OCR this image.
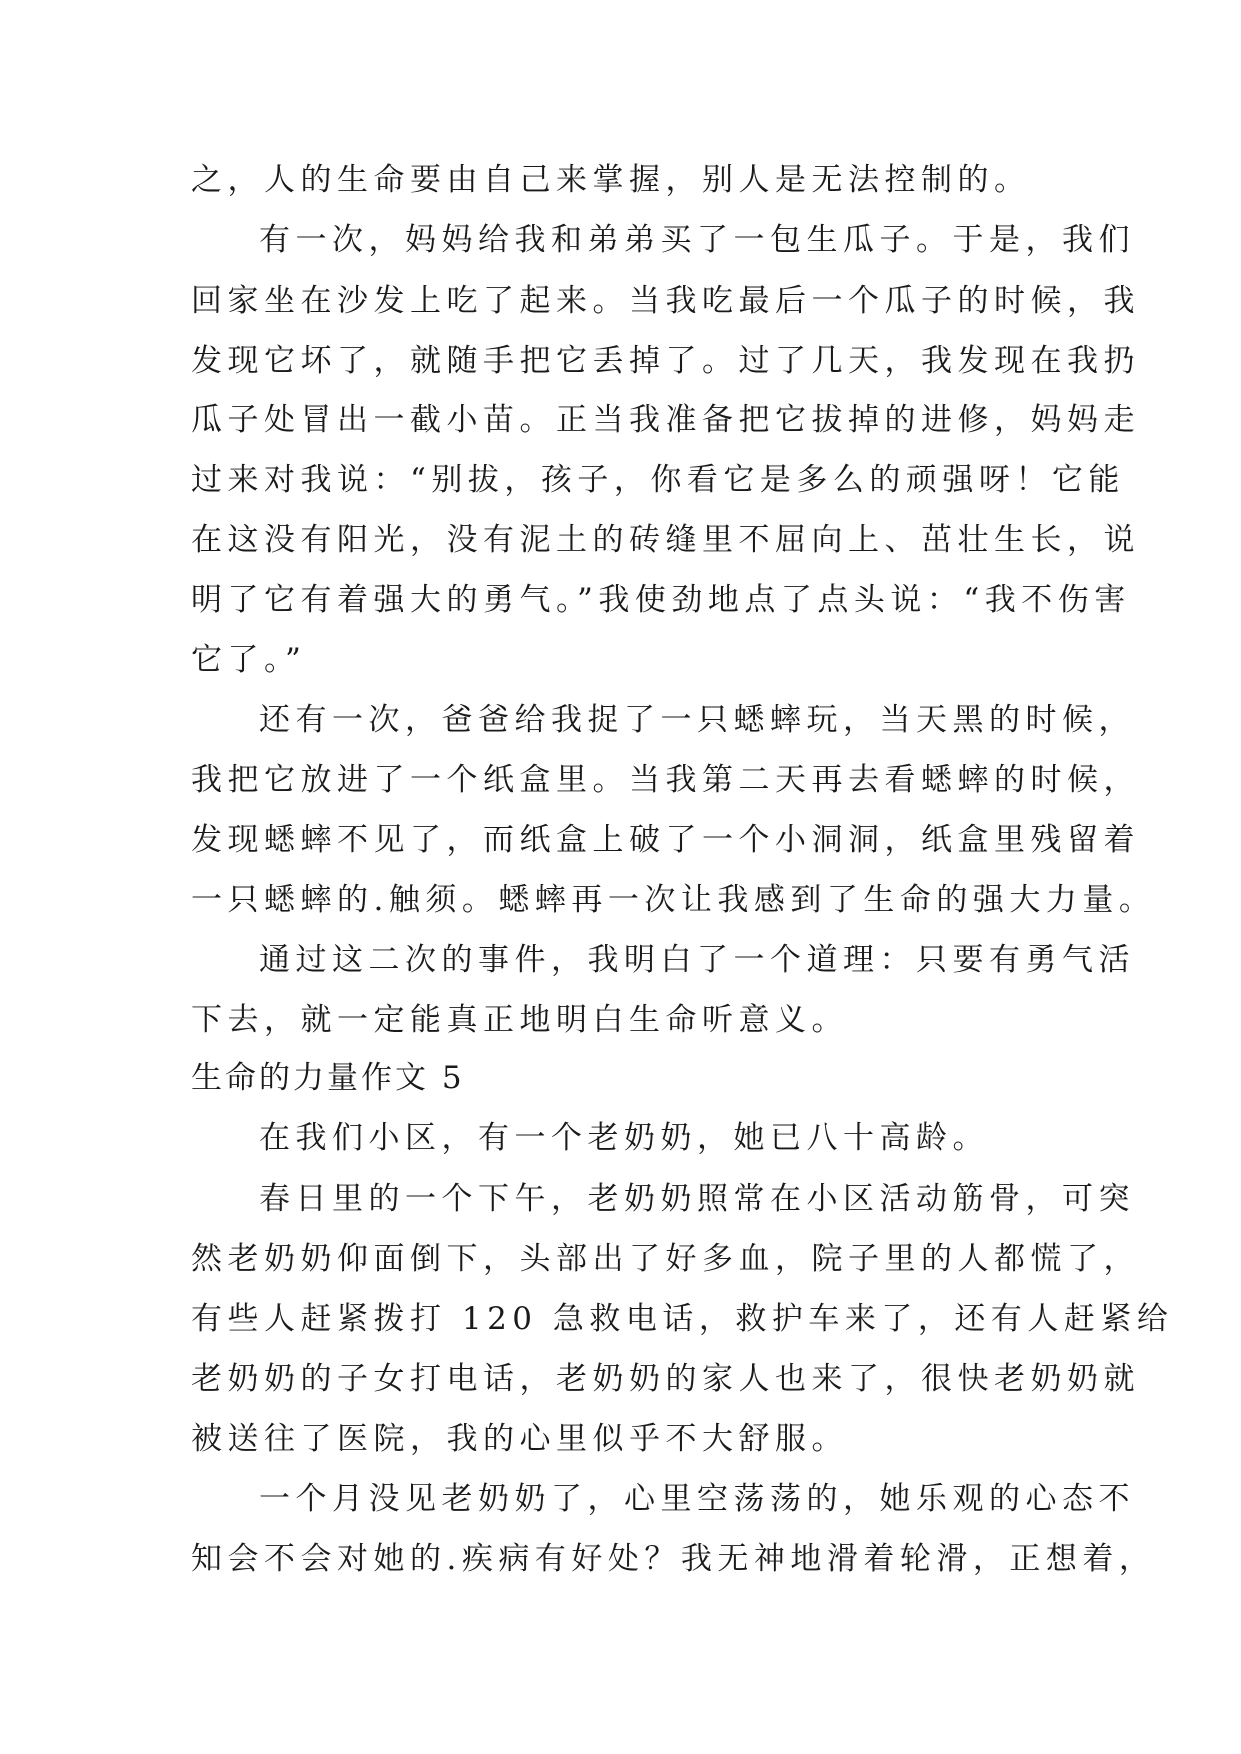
之，人的生命要由自己来掌握，别人是无法控制的。
有一次，妈妈给我和弟弟买了一包生瓜子。于是，我们
回家坐在沙发上吃了起来。当我吃最后一个瓜子的时候，我
发现它坏了，就随手把它丢掉了。过了几天，我发现在我扔
瓜子处冒出一截小苗。正当我准备把它拔掉的进修，妈妈走
过来对我说：“别拔，孩子，你看它是多么的顽强呀！它能
在这没有阳光，没有泥土的砖缝里不屈向上、茁壮生长，说
明了它有着强大的勇气。”我使劲地点了点头说：“我不伤害
它了。”
还有一次，爸爸给我捉了一只蟋蟀玩，当天黑的时候，
我把它放进了一个纸盒里。当我第二天再去看蟋蟀的时候，
发现蟋蟀不见了，而纸盒上破了一个小洞洞，纸盒里残留着
一只蟋蟀的.触须。蟋蟀再一次让我感到了生命的强大力量。
通过这二次的事件，我明白了一个道理：只要有勇气活
下去，就一定能真正地明白生命听意义。
生命的力量作文 5
在我们小区，有一个老奶奶，她已八十高龄。
春日里的一个下午，老奶奶照常在小区活动筋骨，可突
然老奶奶仰面倒下，头部出了好多血，院子里的人都慌了，
有些人赶紧拨打 120 急救电话，救护车来了，还有人赶紧给
老奶奶的子女打电话，老奶奶的家人也来了，很快老奶奶就
被送往了医院，我的心里似乎不大舒服。
一个月没见老奶奶了，心里空荡荡的，她乐观的心态不
知会不会对她的.疾病有好处？我无神地滑着轮滑，正想着，
